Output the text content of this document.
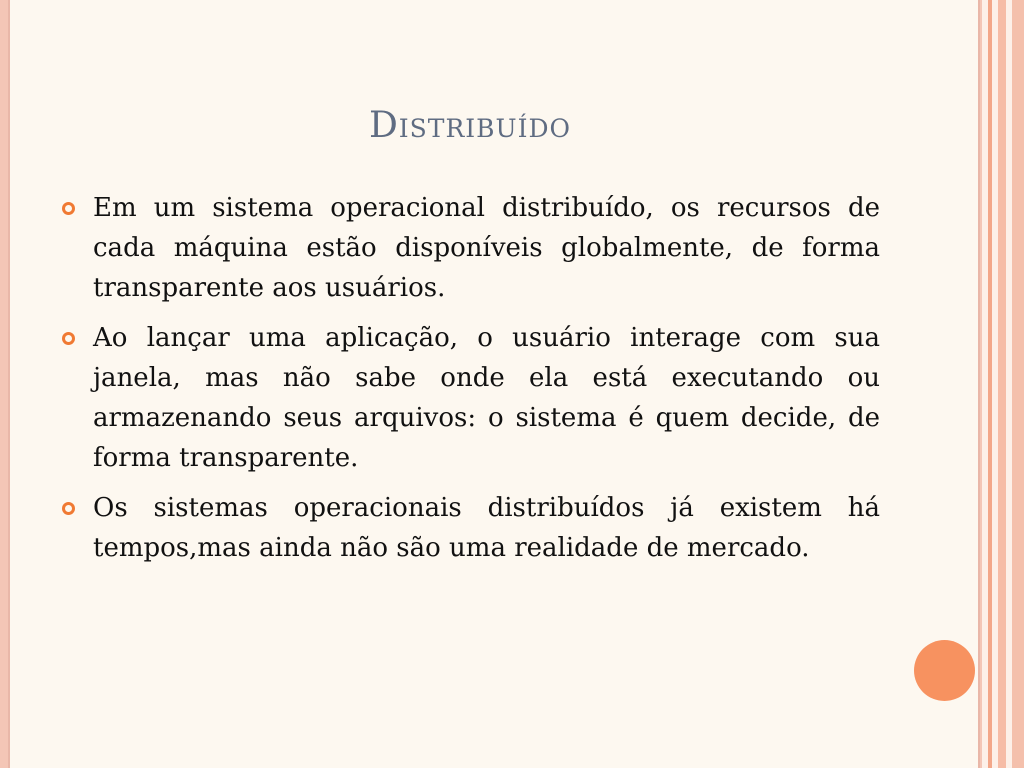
Distribuído
Em um sistema operacional distribuído, os recursos de cada máquina estão disponíveis globalmente, de forma transparente aos usuários.
Ao lançar uma aplicação, o usuário interage com sua janela, mas não sabe onde ela está executando ou armazenando seus arquivos: o sistema é quem decide, de forma transparente.
Os sistemas operacionais distribuídos já existem há tempos,mas ainda não são uma realidade de mercado.
